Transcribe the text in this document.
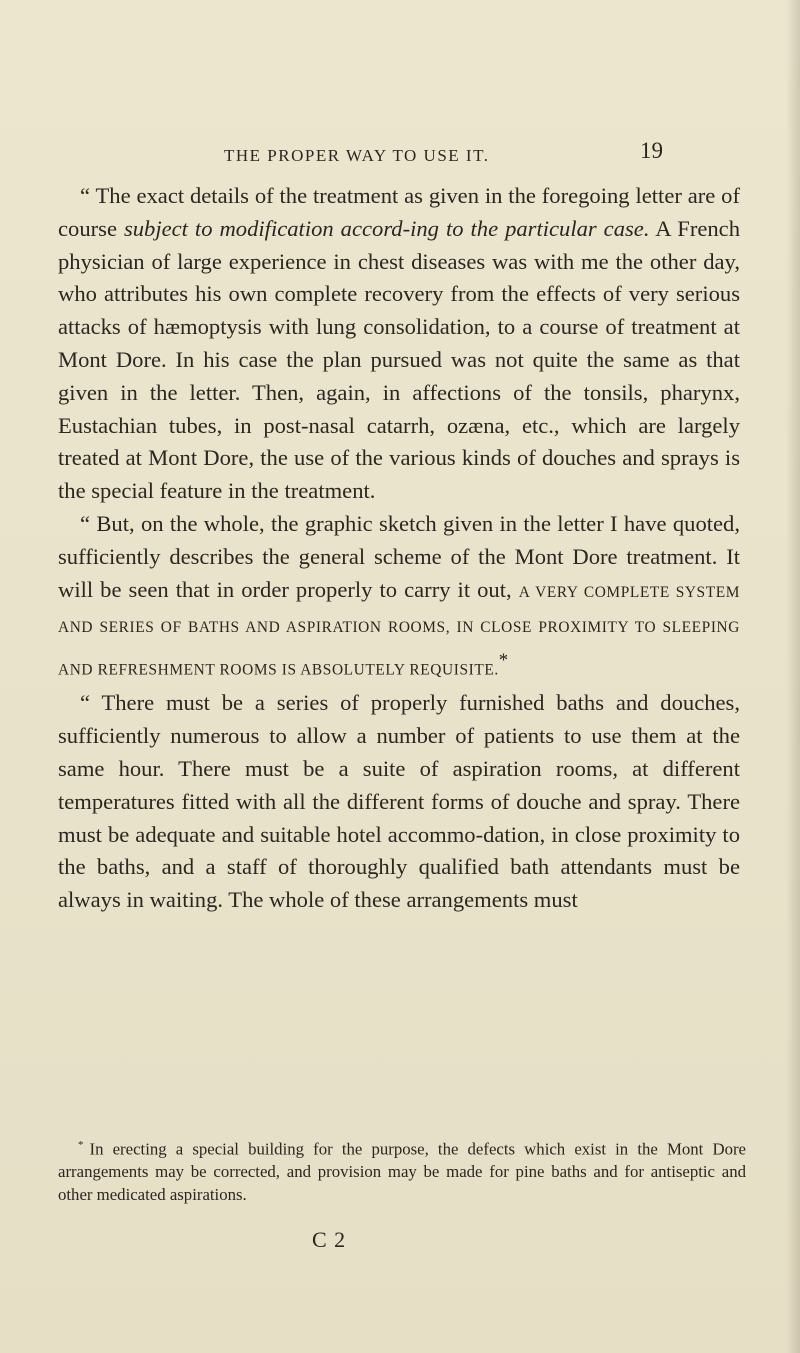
THE PROPER WAY TO USE IT.	19

“ The exact details of the treatment as given in the foregoing letter are of course subject to modification accord-ing to the particular case. A French physician of large experience in chest diseases was with me the other day, who attributes his own complete recovery from the effects of very serious attacks of hæmoptysis with lung consolidation, to a course of treatment at Mont Dore. In his case the plan pursued was not quite the same as that given in the letter. Then, again, in affections of the tonsils, pharynx, Eustachian tubes, in post-nasal catarrh, ozæna, etc., which are largely treated at Mont Dore, the use of the various kinds of douches and sprays is the special feature in the treatment.

“ But, on the whole, the graphic sketch given in the letter I have quoted, sufficiently describes the general scheme of the Mont Dore treatment. It will be seen that in order properly to carry it out, A VERY COMPLETE SYSTEM AND SERIES OF BATHS AND ASPIRATION ROOMS, IN CLOSE PROXIMITY TO SLEEPING AND REFRESHMENT ROOMS IS ABSOLUTELY REQUISITE.*

“ There must be a series of properly furnished baths and douches, sufficiently numerous to allow a number of patients to use them at the same hour. There must be a suite of aspiration rooms, at different temperatures fitted with all the different forms of douche and spray. There must be adequate and suitable hotel accommo-dation, in close proximity to the baths, and a staff of thoroughly qualified bath attendants must be always in waiting. The whole of these arrangements must

* In erecting a special building for the purpose, the defects which exist in the Mont Dore arrangements may be corrected, and provision may be made for pine baths and for antiseptic and other medicated aspirations.

C 2
